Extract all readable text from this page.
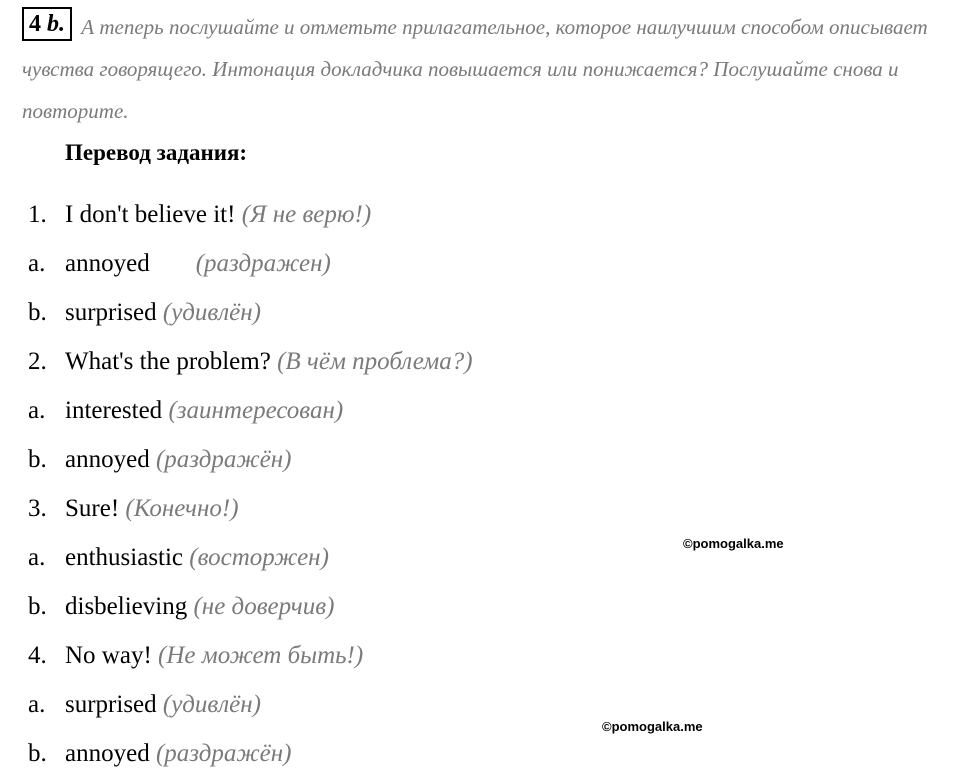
4 b. А теперь послушайте и отметьте прилагательное, которое наилучшим способом описывает чувства говорящего. Интонация докладчика повышается или понижается? Послушайте снова и повторите.
Перевод задания:
1. I don't believe it! (Я не верю!)
a. annoyed (раздражен)
b. surprised (удивлён)
2. What's the problem? (В чём проблема?)
a. interested (заинтересован)
b. annoyed (раздражён)
3. Sure! (Конечно!)
a. enthusiastic (восторжен)
b. disbelieving (не доверчив)
4. No way! (Не может быть!)
a. surprised (удивлён)
b. annoyed (раздражён)
©pomogalka.me
©pomogalka.me
